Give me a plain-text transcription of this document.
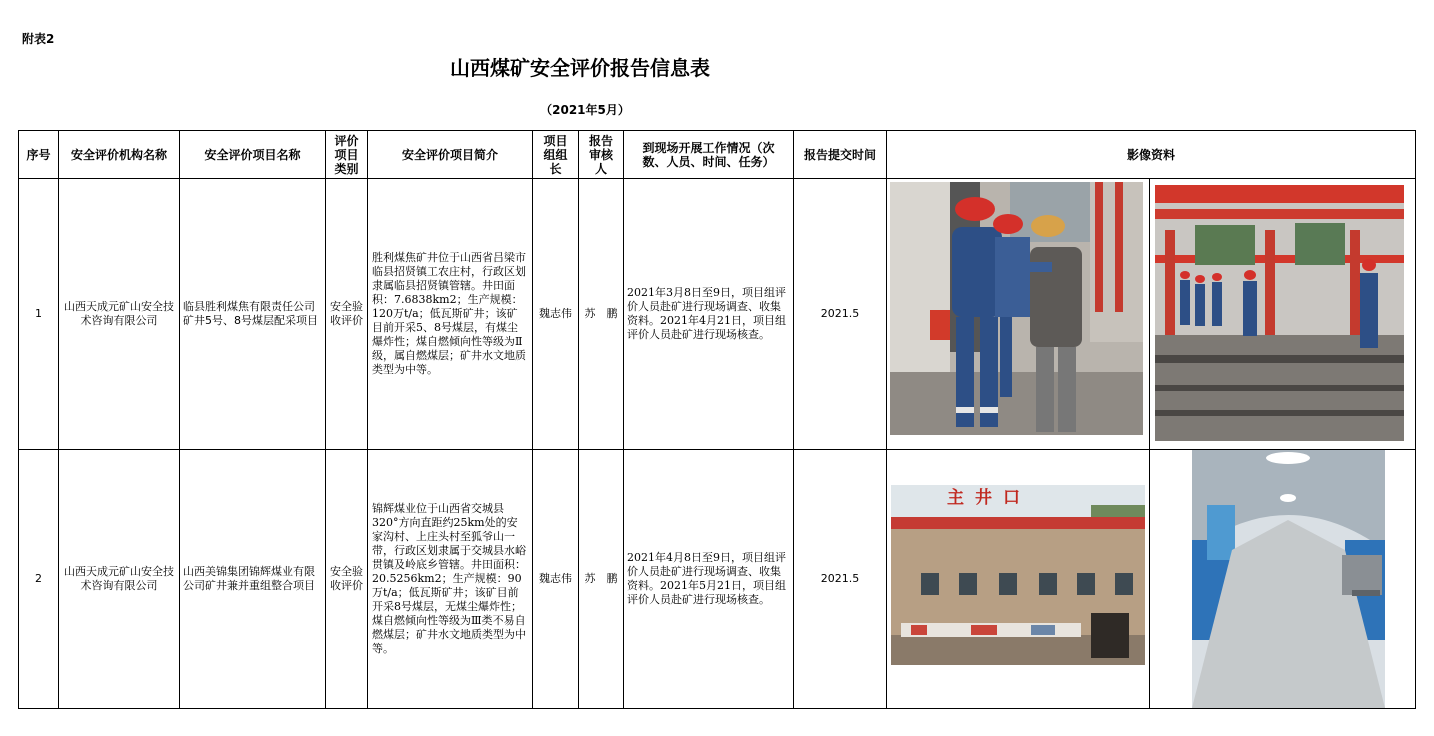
附表2
山西煤矿安全评价报告信息表
（2021年5月）
序号	安全评价机构名称	安全评价项目名称	评价项目类别	安全评价项目简介	项目组组长	报告审核人	到现场开展工作情况（次数、人员、时间、任务）	报告提交时间	影像资料
1	山西天成元矿山安全技术咨询有限公司	临县胜利煤焦有限责任公司矿井5号、8号煤层配采项目	安全验收评价	胜利煤焦矿井位于山西省吕梁市临县招贤镇工农庄村，行政区划隶属临县招贤镇管辖。井田面积：7.6838km2；生产规模：120万t/a；低瓦斯矿井；该矿目前开采5、8号煤层，有煤尘爆炸性；煤自燃倾向性等级为Ⅱ级，属自燃煤层；矿井水文地质类型为中等。	魏志伟	苏　鹏	2021年3月8日至9日，项目组评价人员赴矿进行现场调查、收集资料。2021年4月21日，项目组评价人员赴矿进行现场核查。	2021.5	

2	山西天成元矿山安全技术咨询有限公司	山西美锦集团锦辉煤业有限公司矿井兼并重组整合项目	安全验收评价	锦辉煤业位于山西省交城县320°方向直距约25km处的安家沟村、上庄头村至狐爷山一带，行政区划隶属于交城县水峪贯镇及岭底乡管辖。井田面积：20.5256km2；生产规模：90万t/a；低瓦斯矿井；该矿目前开采8号煤层，无煤尘爆炸性；煤自燃倾向性等级为Ⅲ类不易自燃煤层；矿井水文地质类型为中等。	魏志伟	苏　鹏	2021年4月8日至9日，项目组评价人员赴矿进行现场调查、收集资料。2021年5月21日，项目组评价人员赴矿进行现场核查。	2021.5	主井口
